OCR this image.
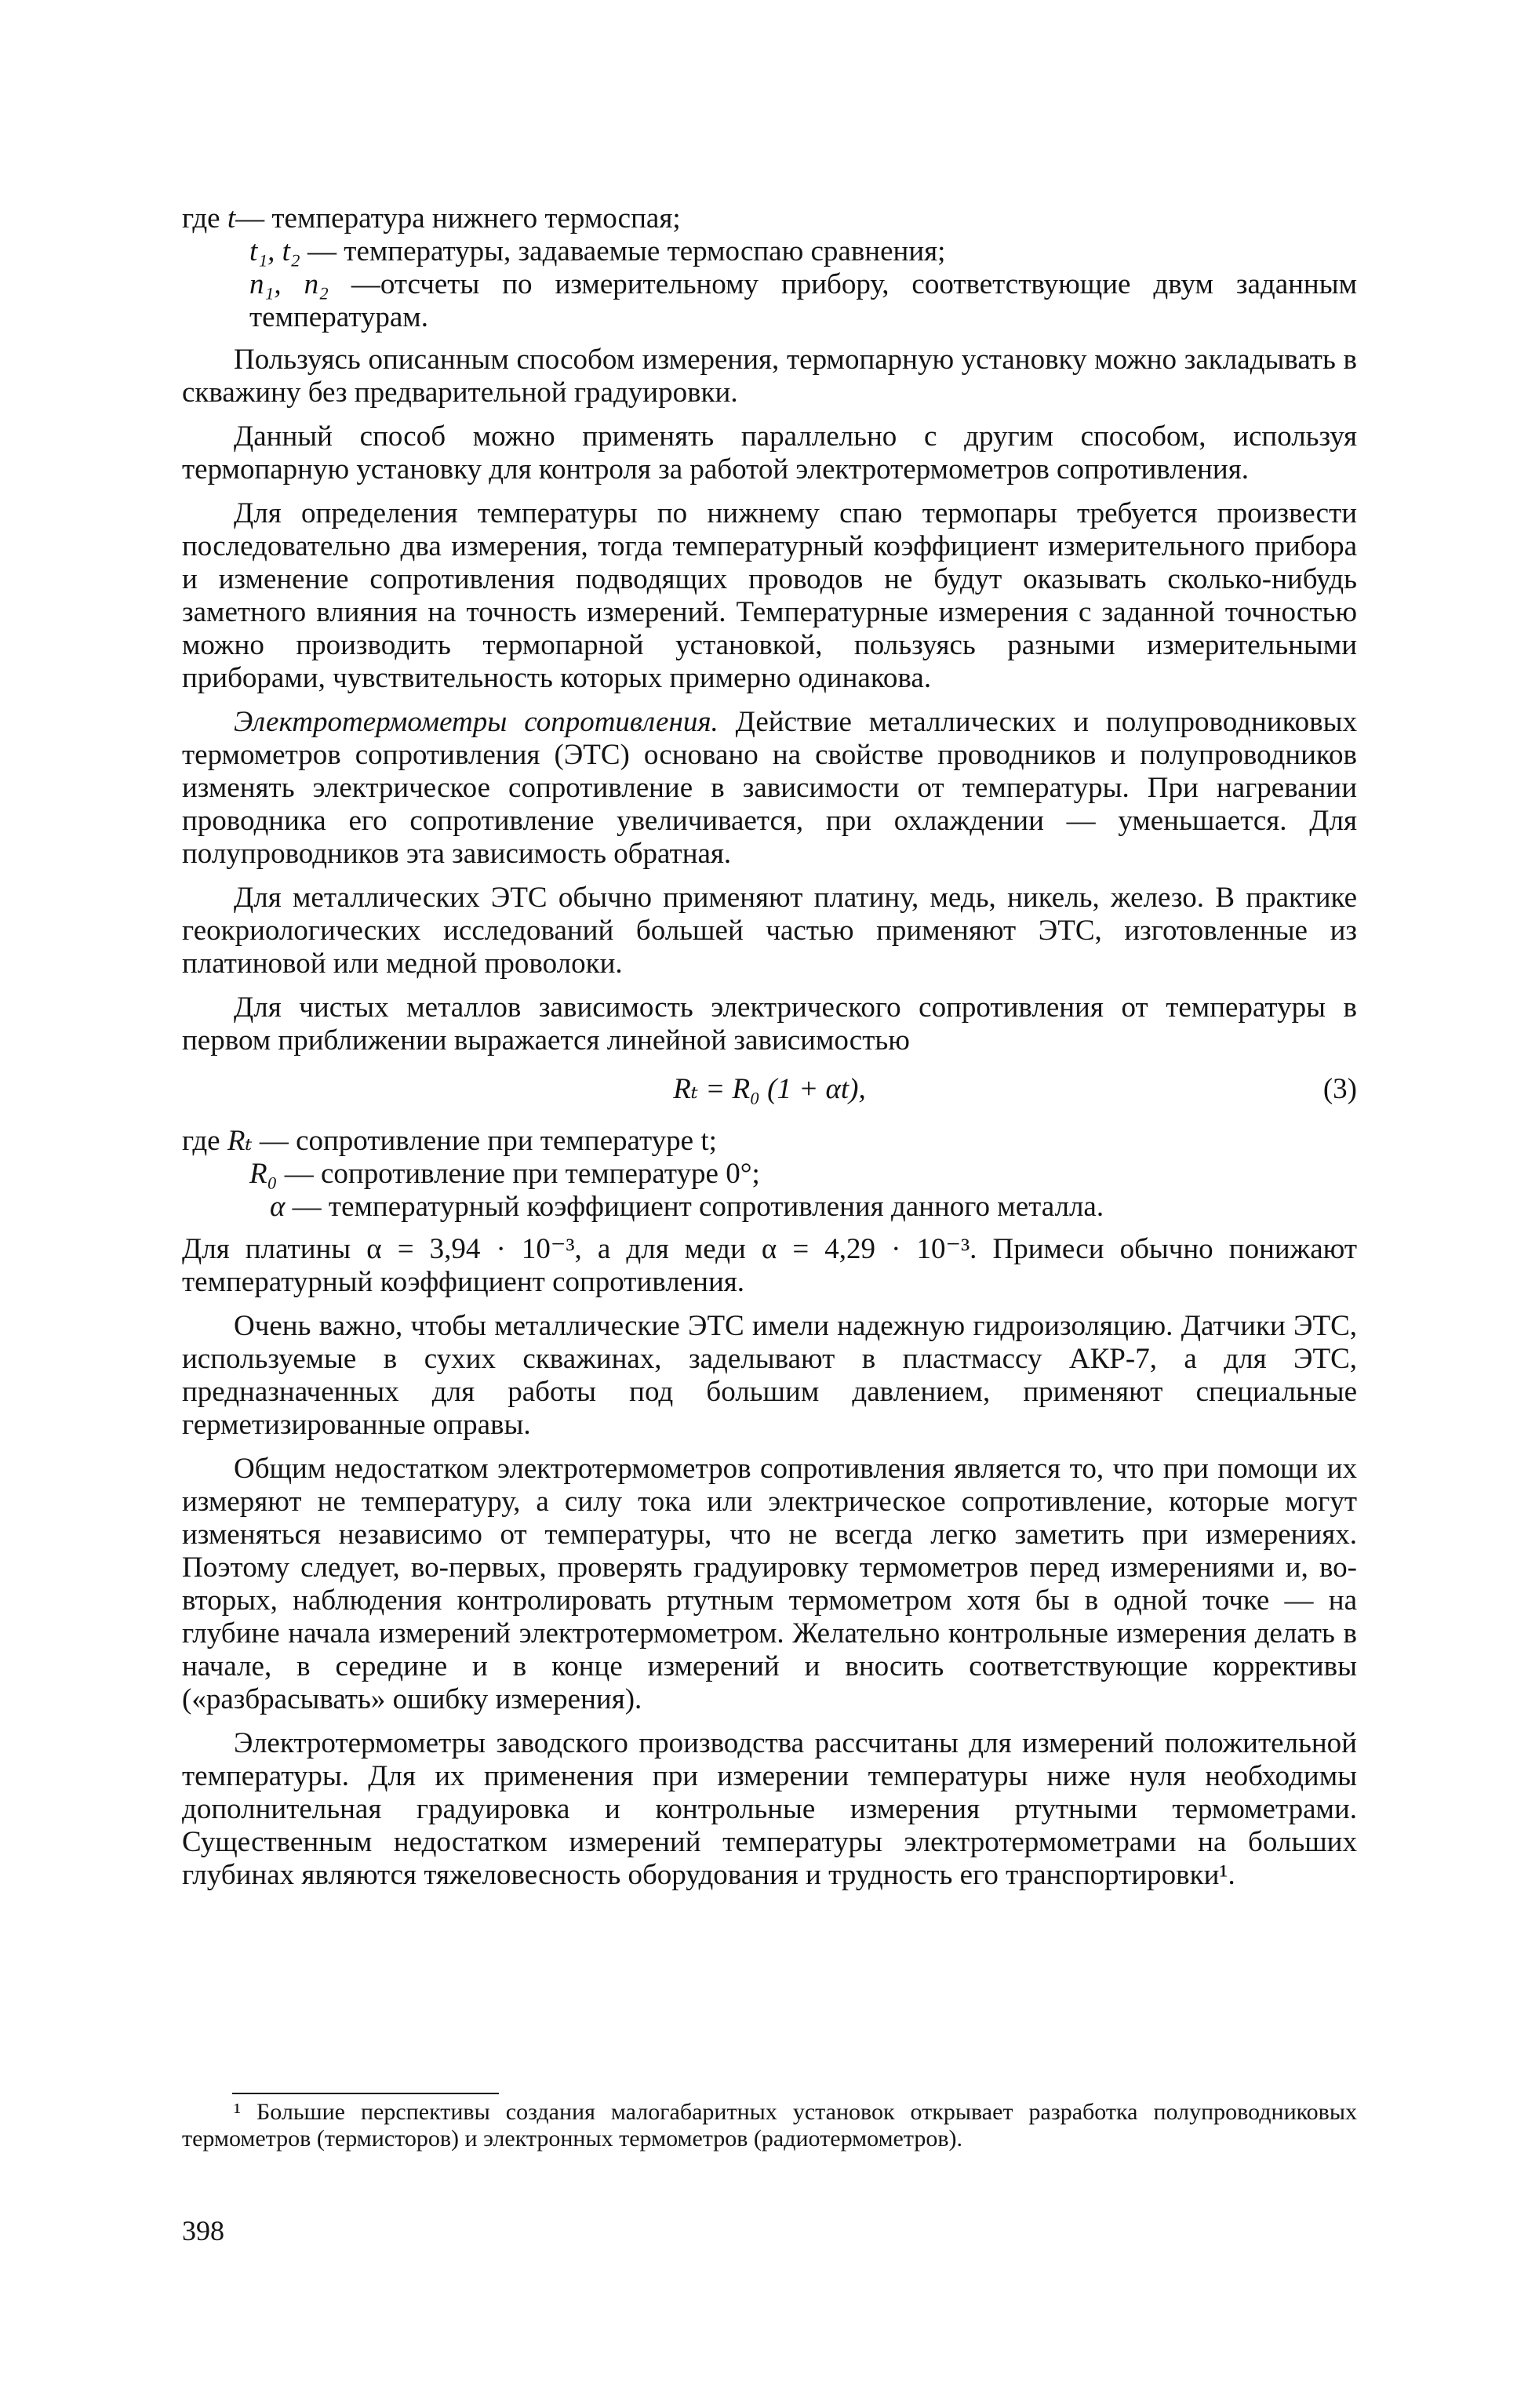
где t— температура нижнего термоспая;

t₁, t₂ — температуры, задаваемые термоспаю сравнения;

n₁, n₂ —отсчеты по измерительному прибору, соответствующие двум заданным температурам.

Пользуясь описанным способом измерения, термопарную установку можно закладывать в скважину без предварительной градуировки.

Данный способ можно применять параллельно с другим способом, используя термопарную установку для контроля за работой электротермометров сопротивления.

Для определения температуры по нижнему спаю термопары требуется произвести последовательно два измерения, тогда температурный коэффициент измерительного прибора и изменение сопротивления подводящих проводов не будут оказывать сколько-нибудь заметного влияния на точность измерений. Температурные измерения с заданной точностью можно производить термопарной установкой, пользуясь разными измерительными приборами, чувствительность которых примерно одинакова.

Электротермометры сопротивления. Действие металлических и полупроводниковых термометров сопротивления (ЭТС) основано на свойстве проводников и полупроводников изменять электрическое сопротивление в зависимости от температуры. При нагревании проводника его сопротивление увеличивается, при охлаждении — уменьшается. Для полупроводников эта зависимость обратная.

Для металлических ЭТС обычно применяют платину, медь, никель, железо. В практике геокриологических исследований большей частью применяют ЭТС, изготовленные из платиновой или медной проволоки.

Для чистых металлов зависимость электрического сопротивления от температуры в первом приближении выражается линейной зависимостью

Rₜ = R₀ (1 + αt),	(3)

где Rₜ — сопротивление при температуре t;

R₀ — сопротивление при температуре 0°;

α — температурный коэффициент сопротивления данного металла.

Для платины α = 3,94 · 10⁻³, а для меди α = 4,29 · 10⁻³. Примеси обычно понижают температурный коэффициент сопротивления.

Очень важно, чтобы металлические ЭТС имели надежную гидроизоляцию. Датчики ЭТС, используемые в сухих скважинах, заделывают в пластмассу АКР-7, а для ЭТС, предназначенных для работы под большим давлением, применяют специальные герметизированные оправы.

Общим недостатком электротермометров сопротивления является то, что при помощи их измеряют не температуру, а силу тока или электрическое сопротивление, которые могут изменяться независимо от температуры, что не всегда легко заметить при измерениях. Поэтому следует, во-первых, проверять градуировку термометров перед измерениями и, во-вторых, наблюдения контролировать ртутным термометром хотя бы в одной точке — на глубине начала измерений электротермометром. Желательно контрольные измерения делать в начале, в середине и в конце измерений и вносить соответствующие коррективы («разбрасывать» ошибку измерения).

Электротермометры заводского производства рассчитаны для измерений положительной температуры. Для их применения при измерении температуры ниже нуля необходимы дополнительная градуировка и контрольные измерения ртутными термометрами. Существенным недостатком измерений температуры электротермометрами на больших глубинах являются тяжеловесность оборудования и трудность его транспортировки¹.

¹ Большие перспективы создания малогабаритных установок открывает разработка полупроводниковых термометров (термисторов) и электронных термометров (радиотермометров).

398
